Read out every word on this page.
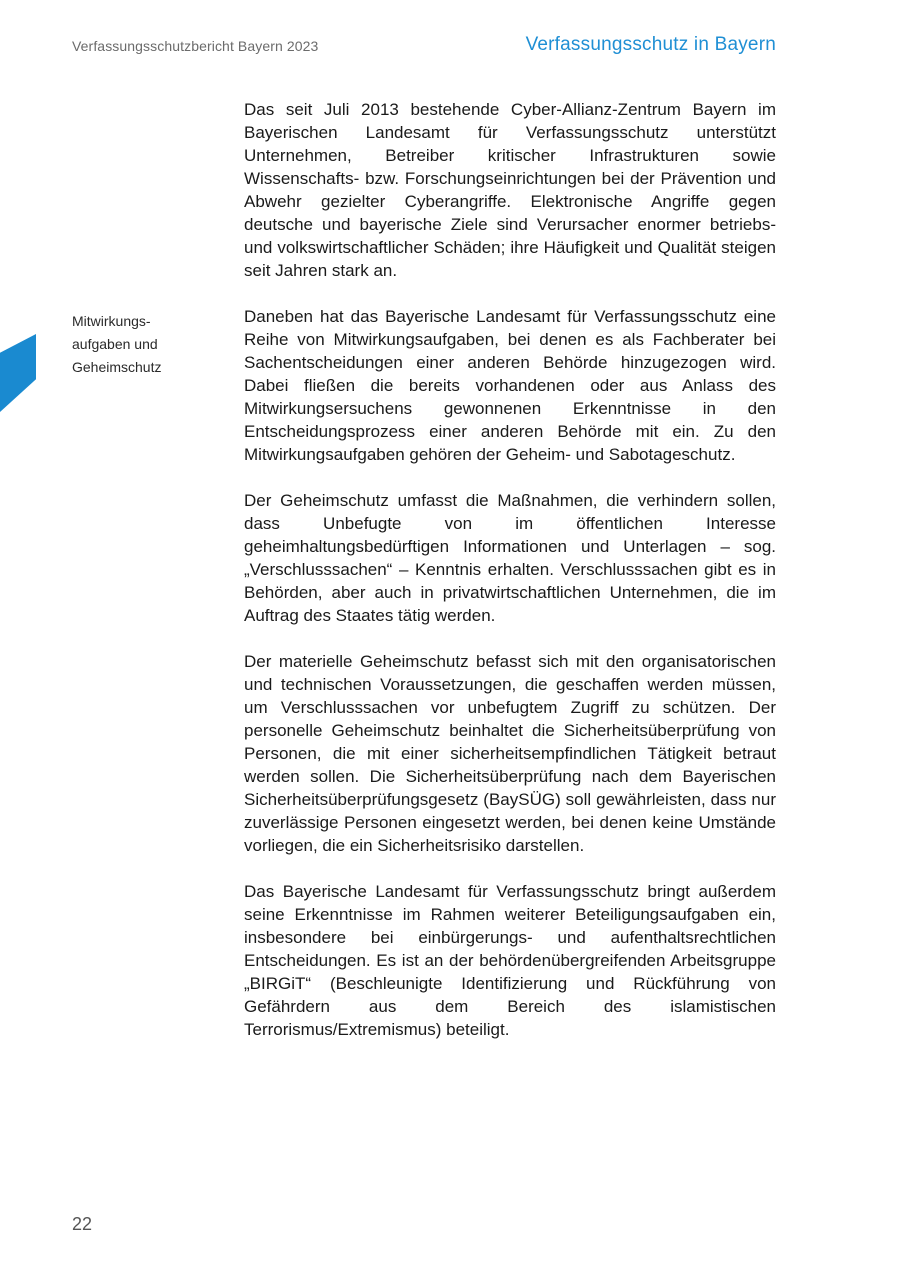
Verfassungsschutzbericht Bayern 2023	Verfassungsschutz in Bayern
Mitwirkungs-
aufgaben und
Geheimschutz

Das seit Juli 2013 bestehende Cyber-Allianz-Zentrum Bayern im Bayerischen Landesamt für Verfassungsschutz unterstützt Unternehmen, Betreiber kritischer Infrastrukturen sowie Wissenschafts- bzw. Forschungseinrichtungen bei der Prävention und Abwehr gezielter Cyberangriffe. Elektronische Angriffe gegen deutsche und bayerische Ziele sind Verursacher enormer betriebs- und volkswirtschaftlicher Schäden; ihre Häufigkeit und Qualität steigen seit Jahren stark an.

Daneben hat das Bayerische Landesamt für Verfassungsschutz eine Reihe von Mitwirkungsaufgaben, bei denen es als Fachberater bei Sachentscheidungen einer anderen Behörde hinzugezogen wird. Dabei fließen die bereits vorhandenen oder aus Anlass des Mitwirkungsersuchens gewonnenen Erkenntnisse in den Entscheidungsprozess einer anderen Behörde mit ein. Zu den Mitwirkungsaufgaben gehören der Geheim- und Sabotageschutz.

Der Geheimschutz umfasst die Maßnahmen, die verhindern sollen, dass Unbefugte von im öffentlichen Interesse geheimhaltungsbedürftigen Informationen und Unterlagen – sog. „Verschlusssachen“ – Kenntnis erhalten. Verschlusssachen gibt es in Behörden, aber auch in privatwirtschaftlichen Unternehmen, die im Auftrag des Staates tätig werden.

Der materielle Geheimschutz befasst sich mit den organisatorischen und technischen Voraussetzungen, die geschaffen werden müssen, um Verschlusssachen vor unbefugtem Zugriff zu schützen. Der personelle Geheimschutz beinhaltet die Sicherheitsüberprüfung von Personen, die mit einer sicherheitsempfindlichen Tätigkeit betraut werden sollen. Die Sicherheitsüberprüfung nach dem Bayerischen Sicherheitsüberprüfungsgesetz (BaySÜG) soll gewährleisten, dass nur zuverlässige Personen eingesetzt werden, bei denen keine Umstände vorliegen, die ein Sicherheitsrisiko darstellen.

Das Bayerische Landesamt für Verfassungsschutz bringt außerdem seine Erkenntnisse im Rahmen weiterer Beteiligungsaufgaben ein, insbesondere bei einbürgerungs- und aufenthaltsrechtlichen Entscheidungen. Es ist an der behördenübergreifenden Arbeitsgruppe „BIRGiT“ (Beschleunigte Identifizierung und Rückführung von Gefährdern aus dem Bereich des islamistischen Terrorismus/Extremismus) beteiligt.

22
